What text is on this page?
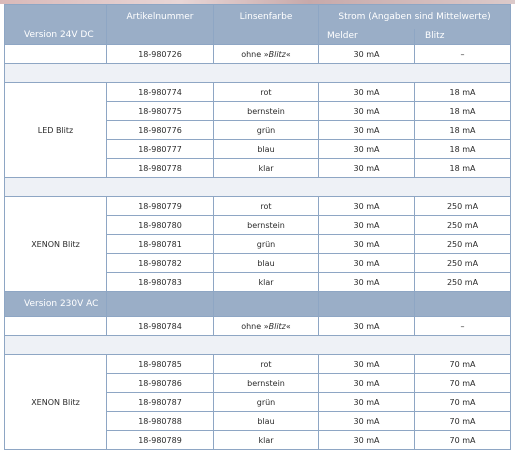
Version 24V DC	Artikelnummer	Linsenfarbe	Strom (Angaben sind Mittelwerte)	
			Melder	Blitz
	18-980726	ohne »Blitz«	30 mA	–

LED Blitz	18-980774	rot	30 mA	18 mA
	18-980775	bernstein	30 mA	18 mA
	18-980776	grün	30 mA	18 mA
	18-980777	blau	30 mA	18 mA
	18-980778	klar	30 mA	18 mA

XENON Blitz	18-980779	rot	30 mA	250 mA
	18-980780	bernstein	30 mA	250 mA
	18-980781	grün	30 mA	250 mA
	18-980782	blau	30 mA	250 mA
	18-980783	klar	30 mA	250 mA
Version 230V AC				
	18-980784	ohne »Blitz«	30 mA	–

XENON Blitz	18-980785	rot	30 mA	70 mA
	18-980786	bernstein	30 mA	70 mA
	18-980787	grün	30 mA	70 mA
	18-980788	blau	30 mA	70 mA
	18-980789	klar	30 mA	70 mA
